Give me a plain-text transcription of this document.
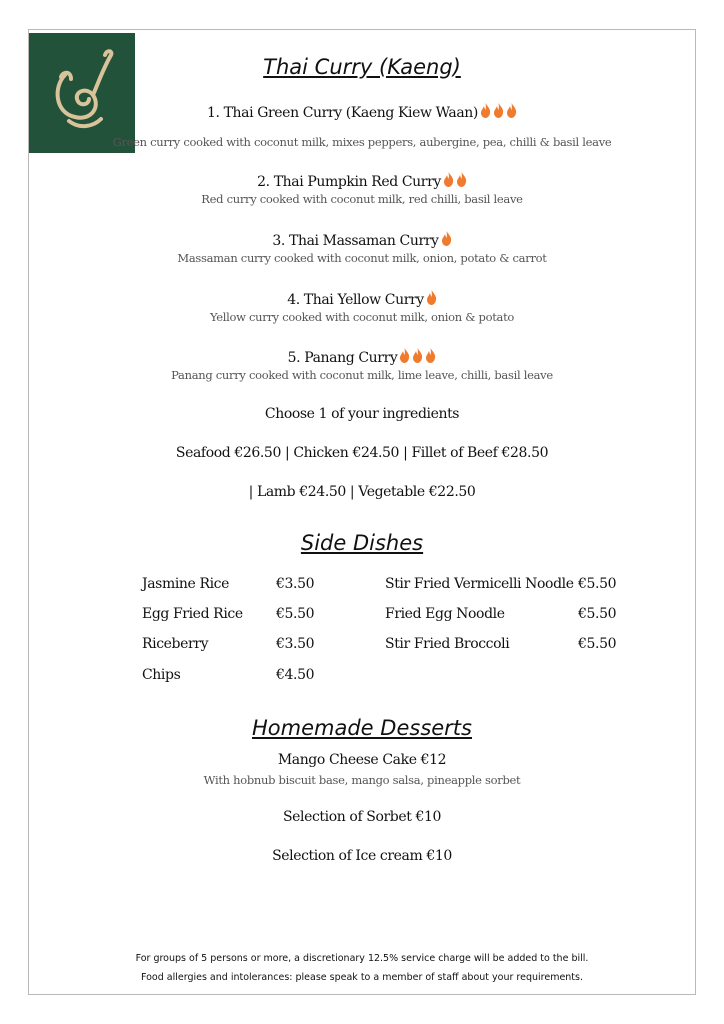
Thai Curry (Kaeng)
1. Thai Green Curry (Kaeng Kiew Waan)
Green curry cooked with coconut milk, mixes peppers, aubergine, pea, chilli & basil leave
2. Thai Pumpkin Red Curry
Red curry cooked with coconut milk, red chilli, basil leave
3. Thai Massaman Curry
Massaman curry cooked with coconut milk, onion, potato & carrot
4. Thai Yellow Curry
Yellow curry cooked with coconut milk, onion & potato
5. Panang Curry
Panang curry cooked with coconut milk, lime leave, chilli, basil leave
Choose 1 of your ingredients
Seafood €26.50 | Chicken €24.50 | Fillet of Beef €28.50
| Lamb €24.50 | Vegetable €22.50
Side Dishes
Jasmine Rice	€3.50
Egg Fried Rice €5.50
Riceberry	€3.50
Chips	€4.50
Stir Fried Vermicelli Noodle €5.50
Fried Egg Noodle	€5.50
Stir Fried Broccoli	€5.50
Homemade Desserts
Mango Cheese Cake €12
With hobnub biscuit base, mango salsa, pineapple sorbet
Selection of Sorbet €10
Selection of Ice cream €10
For groups of 5 persons or more, a discretionary 12.5% service charge will be added to the bill.
Food allergies and intolerances: please speak to a member of staff about your requirements.
